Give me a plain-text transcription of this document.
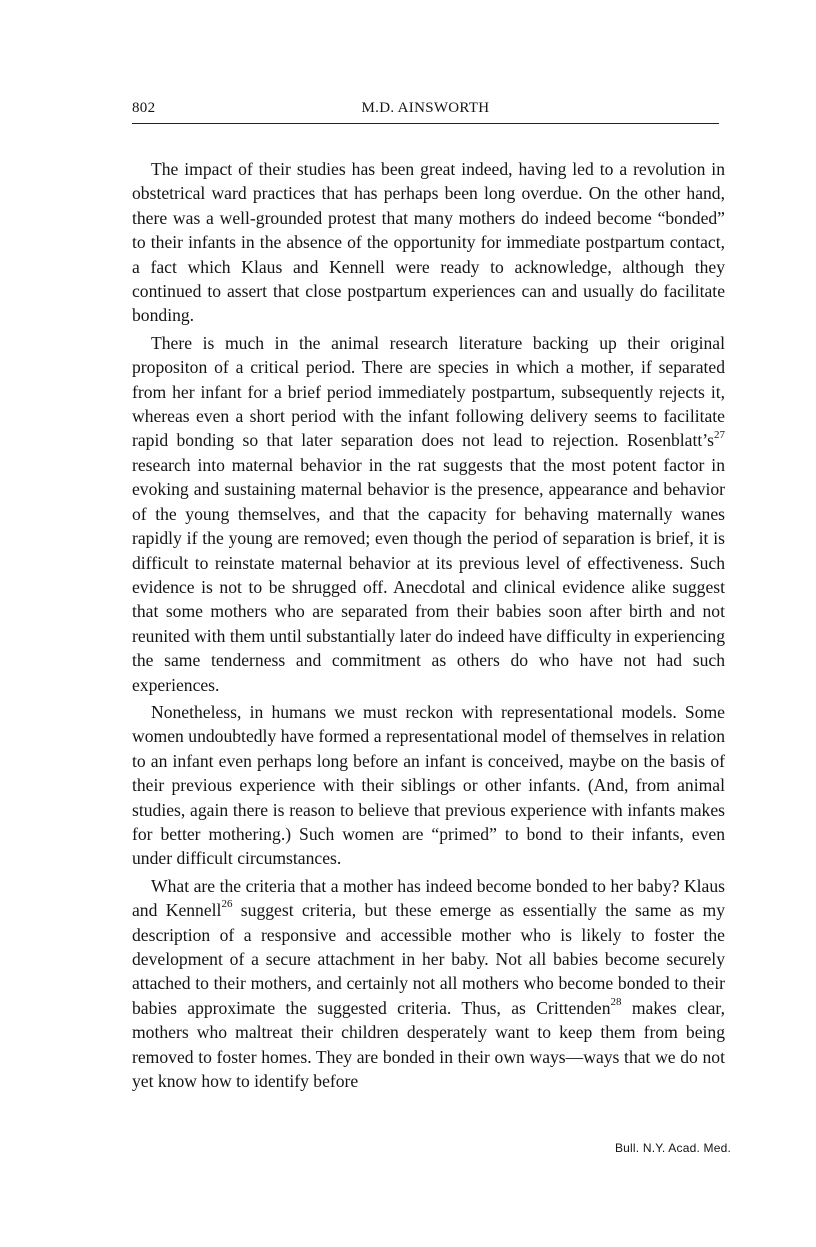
802	M.D. AINSWORTH

The impact of their studies has been great indeed, having led to a revolution in obstetrical ward practices that has perhaps been long overdue. On the other hand, there was a well-grounded protest that many mothers do indeed become “bonded” to their infants in the absence of the opportunity for immediate postpartum contact, a fact which Klaus and Kennell were ready to acknowledge, although they continued to assert that close postpartum experiences can and usually do facilitate bonding.

There is much in the animal research literature backing up their original propositon of a critical period. There are species in which a mother, if separated from her infant for a brief period immediately postpartum, subsequently rejects it, whereas even a short period with the infant following delivery seems to facilitate rapid bonding so that later separation does not lead to rejection. $Rosenblatt’s^{27}$ research into maternal behavior in the rat suggests that the most potent factor in evoking and sustaining maternal behavior is the presence, appearance and behavior of the young themselves, and that the capacity for behaving maternally wanes rapidly if the young are removed; even though the period of separation is brief, it is difficult to reinstate maternal behavior at its previous level of effectiveness. Such evidence is not to be shrugged off. Anecdotal and clinical evidence alike suggest that some mothers who are separated from their babies soon after birth and not reunited with them until substantially later do indeed have difficulty in experiencing the same tenderness and commitment as others do who have not had such experiences.

Nonetheless, in humans we must reckon with representational models. Some women undoubtedly have formed a representational model of themselves in relation to an infant even perhaps long before an infant is conceived, maybe on the basis of their previous experience with their siblings or other infants. (And, from animal studies, again there is reason to believe that previous experience with infants makes for better mothering.) Such women are “primed” to bond to their infants, even under difficult circumstances.

What are the criteria that a mother has indeed become bonded to her baby? Klaus and Kennell$^{26}$ suggest criteria, but these emerge as essentially the same as my description of a responsive and accessible mother who is likely to foster the development of a secure attachment in her baby. Not all babies become securely attached to their mothers, and certainly not all mothers who become bonded to their babies approximate the suggested criteria. Thus, as Crittenden$^{28}$ makes clear, mothers who maltreat their children desperately want to keep them from being removed to foster homes. They are bonded in their own ways—ways that we do not yet know how to identify before

Bull. N.Y. Acad. Med.
